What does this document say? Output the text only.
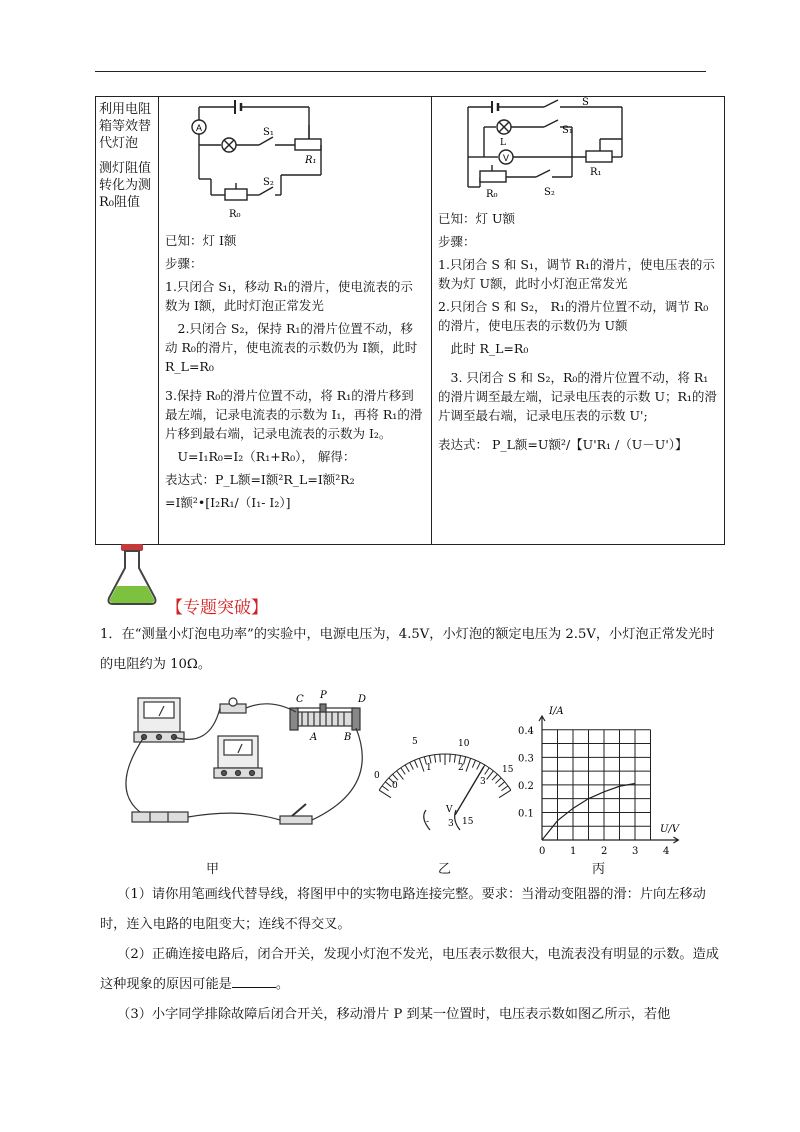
利用电阻箱等效替代灯泡
测灯阻值转化为测R₀阻值

A	S₁
R₁
S₂
R₀

已知：灯 I额

步骤：

1.只闭合 S₁，移动 R₁的滑片，使电流表的示数为 I额，此时灯泡正常发光

2.只闭合 S₂，保持 R₁的滑片位置不动，移动 R₀的滑片，使电流表的示数仍为 I额，此时 R_L=R₀

3.保持 R₀的滑片位置不动，将 R₁的滑片移到最左端，记录电流表的示数为 I₁，再将 R₁的滑片移到最右端，记录电流表的示数为 I₂。

U=I₁R₀=I₂（R₁+R₀）， 解得：

表达式：P_L额=I额²R_L=I额²R₂

=I额²•[I₂R₁/（I₁- I₂）]

S
S₁
L
V
R₁
R₀	S₂

已知：灯 U额

步骤：

1.只闭合 S 和 S₁，调节 R₁的滑片，使电压表的示数为灯 U额，此时小灯泡正常发光

2.只闭合 S 和 S₂， R₁的滑片位置不动，调节 R₀的滑片，使电压表的示数仍为 U额

此时 R_L=R₀

3. 只闭合 S 和 S₂，R₀的滑片位置不动，将 R₁的滑片调至最左端，记录电压表的示数 U；R₁的滑片调至最右端，记录电压表的示数 U';

表达式： P_L额=U额²/【U'R₁ /（U－U'）】

【专题突破】
1．在“测量小灯泡电功率”的实验中，电源电压为，4.5V，小灯泡的额定电压为 2.5V，小灯泡正常发光时的电阻约为 10Ω。
C P	D
A	B
甲
0
5	10
15
0
1	2
3
V
- 3 15
乙
0 1 2 3 4
0.1
0.2
0.3
0.4
I/A
U/V
丙
（1）请你用笔画线代替导线，将图甲中的实物电路连接完整。要求：当滑动变阻器的滑：片向左移动时，连入电路的电阻变大；连线不得交叉。
（2）正确连接电路后，闭合开关，发现小灯泡不发光，电压表示数很大，电流表没有明显的示数。造成这种现象的原因可能是	。
（3）小字同学排除故障后闭合开关，移动滑片 P 到某一位置时，电压表示数如图乙所示，若他
